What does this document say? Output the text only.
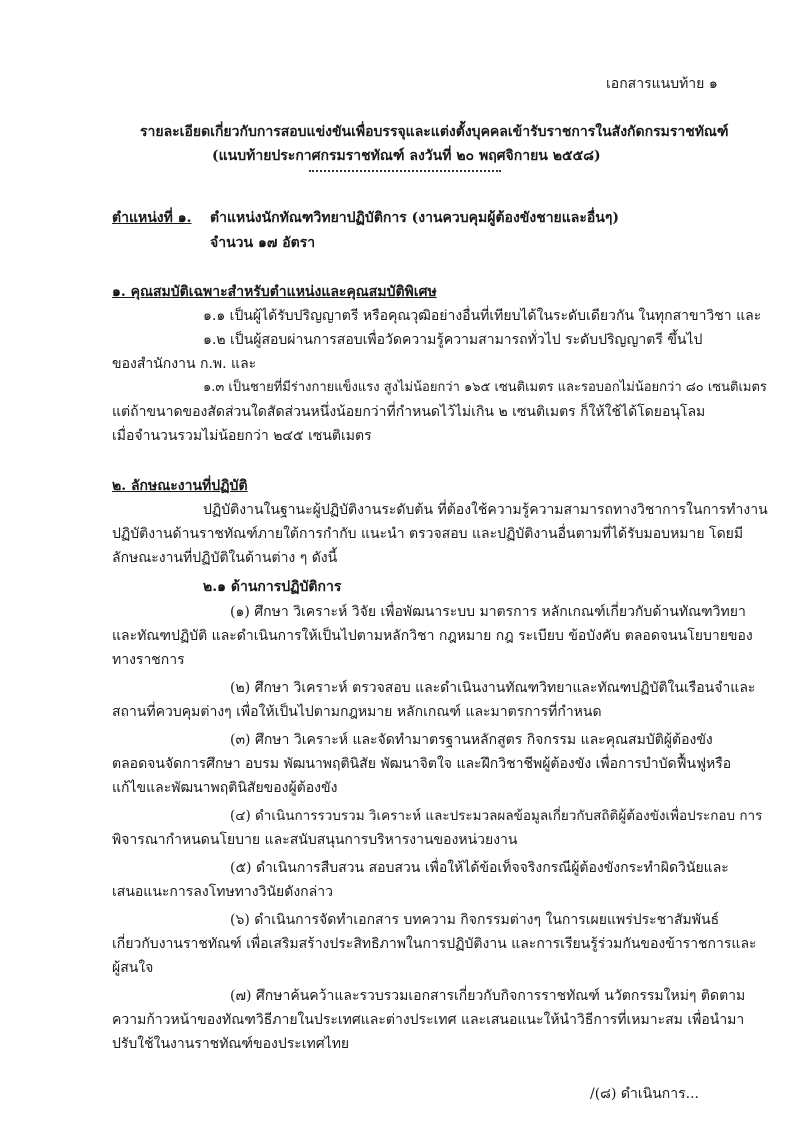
เอกสารแนบท้าย ๑
รายละเอียดเกี่ยวกับการสอบแข่งขันเพื่อบรรจุและแต่งตั้งบุคคลเข้ารับราชการในสังกัดกรมราชทัณฑ์
(แนบท้ายประกาศกรมราชทัณฑ์ ลงวันที่ ๒๐ พฤศจิกายน ๒๕๕๘)
ตำแหน่งที่ ๑. ตำแหน่งนักทัณฑวิทยาปฏิบัติการ (งานควบคุมผู้ต้องขังชายและอื่นๆ)
จำนวน ๑๗ อัตรา
๑. คุณสมบัติเฉพาะสำหรับตำแหน่งและคุณสมบัติพิเศษ
๑.๑ เป็นผู้ได้รับปริญญาตรี หรือคุณวุฒิอย่างอื่นที่เทียบได้ในระดับเดียวกัน ในทุกสาขาวิชา และ
๑.๒ เป็นผู้สอบผ่านการสอบเพื่อวัดความรู้ความสามารถทั่วไป ระดับปริญญาตรี ขึ้นไป
ของสำนักงาน ก.พ. และ
๑.๓ เป็นชายที่มีร่างกายแข็งแรง สูงไม่น้อยกว่า ๑๖๕ เซนติเมตร และรอบอกไม่น้อยกว่า ๘๐ เซนติเมตร
แต่ถ้าขนาดของสัดส่วนใดสัดส่วนหนึ่งน้อยกว่าที่กำหนดไว้ไม่เกิน ๒ เซนติเมตร ก็ให้ใช้ได้โดยอนุโลม
เมื่อจำนวนรวมไม่น้อยกว่า ๒๔๕ เซนติเมตร
๒. ลักษณะงานที่ปฏิบัติ
ปฏิบัติงานในฐานะผู้ปฏิบัติงานระดับต้น ที่ต้องใช้ความรู้ความสามารถทางวิชาการในการทำงาน
ปฏิบัติงานด้านราชทัณฑ์ภายใต้การกำกับ แนะนำ ตรวจสอบ และปฏิบัติงานอื่นตามที่ได้รับมอบหมาย โดยมี
ลักษณะงานที่ปฏิบัติในด้านต่าง ๆ ดังนี้
๒.๑ ด้านการปฏิบัติการ
(๑) ศึกษา วิเคราะห์ วิจัย เพื่อพัฒนาระบบ มาตรการ หลักเกณฑ์เกี่ยวกับด้านทัณฑวิทยา
และทัณฑปฏิบัติ และดำเนินการให้เป็นไปตามหลักวิชา กฎหมาย กฎ ระเบียบ ข้อบังคับ ตลอดจนนโยบายของ
ทางราชการ
(๒) ศึกษา วิเคราะห์ ตรวจสอบ และดำเนินงานทัณฑวิทยาและทัณฑปฏิบัติในเรือนจำและ
สถานที่ควบคุมต่างๆ เพื่อให้เป็นไปตามกฎหมาย หลักเกณฑ์ และมาตรการที่กำหนด
(๓) ศึกษา วิเคราะห์ และจัดทำมาตรฐานหลักสูตร กิจกรรม และคุณสมบัติผู้ต้องขัง
ตลอดจนจัดการศึกษา อบรม พัฒนาพฤตินิสัย พัฒนาจิตใจ และฝึกวิชาชีพผู้ต้องขัง เพื่อการบำบัดฟื้นฟูหรือ
แก้ไขและพัฒนาพฤตินิสัยของผู้ต้องขัง
(๔) ดำเนินการรวบรวม วิเคราะห์ และประมวลผลข้อมูลเกี่ยวกับสถิติผู้ต้องขังเพื่อประกอบ การ
พิจารณากำหนดนโยบาย และสนับสนุนการบริหารงานของหน่วยงาน
(๕) ดำเนินการสืบสวน สอบสวน เพื่อให้ได้ข้อเท็จจริงกรณีผู้ต้องขังกระทำผิดวินัยและ
เสนอแนะการลงโทษทางวินัยดังกล่าว
(๖) ดำเนินการจัดทำเอกสาร บทความ กิจกรรมต่างๆ ในการเผยแพร่ประชาสัมพันธ์
เกี่ยวกับงานราชทัณฑ์ เพื่อเสริมสร้างประสิทธิภาพในการปฏิบัติงาน และการเรียนรู้ร่วมกันของข้าราชการและ
ผู้สนใจ
(๗) ศึกษาค้นคว้าและรวบรวมเอกสารเกี่ยวกับกิจการราชทัณฑ์ นวัตกรรมใหม่ๆ ติดตาม
ความก้าวหน้าของทัณฑวิธีภายในประเทศและต่างประเทศ และเสนอแนะให้นำวิธีการที่เหมาะสม เพื่อนำมา
ปรับใช้ในงานราชทัณฑ์ของประเทศไทย
/(๘) ดำเนินการ...
